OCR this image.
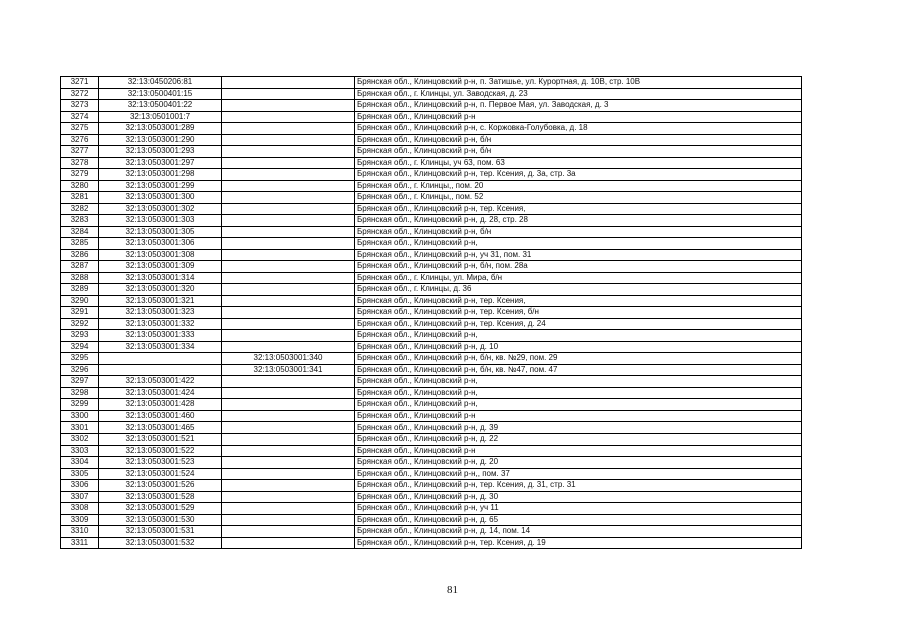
3271	32:13:0450206:81		Брянская обл., Клинцовский р-н, п. Затишье, ул. Курортная, д. 10В, стр. 10В
3272	32:13:0500401:15		Брянская обл., г. Клинцы, ул. Заводская, д. 23
3273	32:13:0500401:22		Брянская обл., Клинцовский р-н, п. Первое Мая, ул. Заводская, д. 3
3274	32:13:0501001:7		Брянская обл., Клинцовский р-н
3275	32:13:0503001:289		Брянская обл., Клинцовский р-н, с. Коржовка-Голубовка, д. 18
3276	32:13:0503001:290		Брянская обл., Клинцовский р-н, б/н
3277	32:13:0503001:293		Брянская обл., Клинцовский р-н, б/н
3278	32:13:0503001:297		Брянская обл., г. Клинцы, уч 63, пом. 63
3279	32:13:0503001:298		Брянская обл., Клинцовский р-н, тер. Ксения, д. 3а, стр. 3а
3280	32:13:0503001:299		Брянская обл., г. Клинцы,, пом. 20
3281	32:13:0503001:300		Брянская обл., г. Клинцы,, пом. 52
3282	32:13:0503001:302		Брянская обл., Клинцовский р-н, тер. Ксения,
3283	32:13:0503001:303		Брянская обл., Клинцовский р-н, д. 28, стр. 28
3284	32:13:0503001:305		Брянская обл., Клинцовский р-н, б/н
3285	32:13:0503001:306		Брянская обл., Клинцовский р-н,
3286	32:13:0503001:308		Брянская обл., Клинцовский р-н, уч 31, пом. 31
3287	32:13:0503001:309		Брянская обл., Клинцовский р-н, б/н, пом. 28а
3288	32:13:0503001:314		Брянская обл., г. Клинцы, ул. Мира, б/н
3289	32:13:0503001:320		Брянская обл., г. Клинцы, д. 36
3290	32:13:0503001:321		Брянская обл., Клинцовский р-н, тер. Ксения,
3291	32:13:0503001:323		Брянская обл., Клинцовский р-н, тер. Ксения, б/н
3292	32:13:0503001:332		Брянская обл., Клинцовский р-н, тер. Ксения, д. 24
3293	32:13:0503001:333		Брянская обл., Клинцовский р-н,
3294	32:13:0503001:334		Брянская обл., Клинцовский р-н, д. 10
3295		32:13:0503001:340	Брянская обл., Клинцовский р-н, б/н, кв. №29, пом. 29
3296		32:13:0503001:341	Брянская обл., Клинцовский р-н, б/н, кв. №47, пом. 47
3297	32:13:0503001:422		Брянская обл., Клинцовский р-н,
3298	32:13:0503001:424		Брянская обл., Клинцовский р-н,
3299	32:13:0503001:428		Брянская обл., Клинцовский р-н,
3300	32:13:0503001:460		Брянская обл., Клинцовский р-н
3301	32:13:0503001:465		Брянская обл., Клинцовский р-н, д. 39
3302	32:13:0503001:521		Брянская обл., Клинцовский р-н, д. 22
3303	32:13:0503001:522		Брянская обл., Клинцовский р-н
3304	32:13:0503001:523		Брянская обл., Клинцовский р-н, д. 20
3305	32:13:0503001:524		Брянская обл., Клинцовский р-н,, пом. 37
3306	32:13:0503001:526		Брянская обл., Клинцовский р-н, тер. Ксения, д. 31, стр. 31
3307	32:13:0503001:528		Брянская обл., Клинцовский р-н, д. 30
3308	32:13:0503001:529		Брянская обл., Клинцовский р-н, уч 11
3309	32:13:0503001:530		Брянская обл., Клинцовский р-н, д. 65
3310	32:13:0503001:531		Брянская обл., Клинцовский р-н, д. 14, пом. 14
3311	32:13:0503001:532		Брянская обл., Клинцовский р-н, тер. Ксения, д. 19
81
